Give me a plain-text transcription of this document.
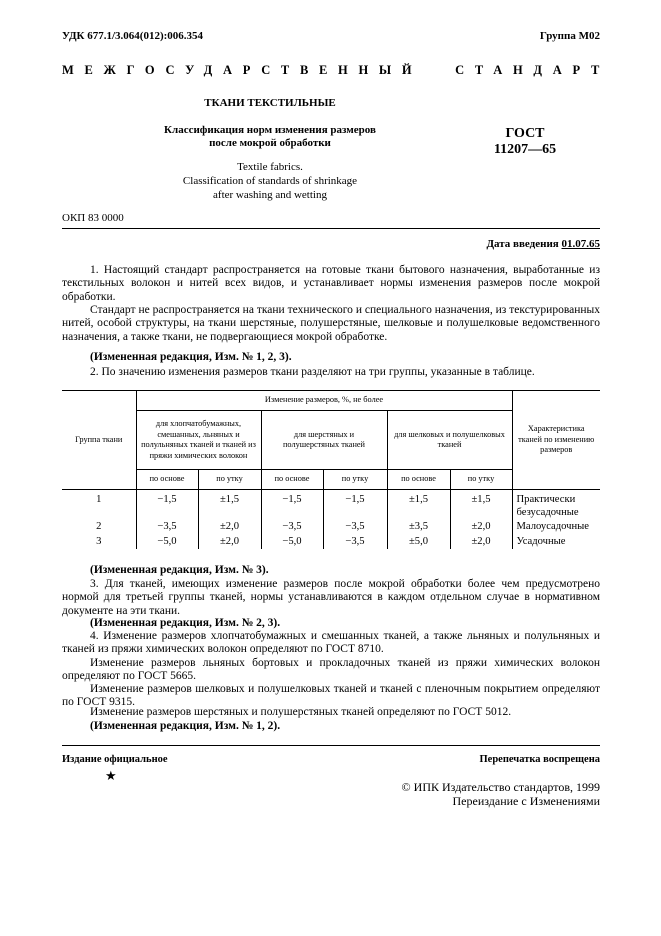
УДК 677.1/3.064(012):006.354	Группа М02
МЕЖГОСУДАРСТВЕННЫЙ	СТАНДАРТ
ТКАНИ ТЕКСТИЛЬНЫЕ
Классификация норм изменения размеров
после мокрой обработки
ГОСТ
11207—65
Textile fabrics.
Classification of standards of shrinkage
after washing and wetting
ОКП 83 0000
Дата введения 01.07.65
1. Настоящий стандарт распространяется на готовые ткани бытового назначения, выработанные из текстильных волокон и нитей всех видов, и устанавливает нормы изменения размеров после мокрой обработки.
Стандарт не распространяется на ткани технического и специального назначения, из текстурированных нитей, особой структуры, на ткани шерстяные, полушерстяные, шелковые и полушелковые ведомственного назначения, а также ткани, не подвергающиеся мокрой обработке.
(Измененная редакция, Изм. № 1, 2, 3).
2. По значению изменения размеров ткани разделяют на три группы, указанные в таблице.
Группа ткани	Изменение размеров, %, не более						Характеристика тканей по изменению размеров
	для хлопчатобумажных, смешанных, льняных и полульняных тканей и тканей из пряжи химических волокон		для шерстяных и полушерстяных тканей		для шелковых и полушелковых тканей		
	по основе	по утку	по основе	по утку	по основе	по утку	
1	−1,5	±1,5	−1,5	−1,5	±1,5	±1,5	Практически безусадочные
2	−3,5	±2,0	−3,5	−3,5	±3,5	±2,0	Малоусадочные
3	−5,0	±2,0	−5,0	−3,5	±5,0	±2,0	Усадочные
(Измененная редакция, Изм. № 3).
3. Для тканей, имеющих изменение размеров после мокрой обработки более чем предусмотрено нормой для третьей группы тканей, нормы устанавливаются в каждом отдельном случае в нормативном документе на эти ткани.
(Измененная редакция, Изм. № 2, 3).
4. Изменение размеров хлопчатобумажных и смешанных тканей, а также льняных и полульняных и тканей из пряжи химических волокон определяют по ГОСТ 8710.
Изменение размеров льняных бортовых и прокладочных тканей из пряжи химических волокон определяют по ГОСТ 5665.
Изменение размеров шелковых и полушелковых тканей и тканей с пленочным покрытием определяют по ГОСТ 9315.
Изменение размеров шерстяных и полушерстяных тканей определяют по ГОСТ 5012.
(Измененная редакция, Изм. № 1, 2).
Издание официальное	Перепечатка воспрещена
★
© ИПК Издательство стандартов, 1999
Переиздание с Изменениями
